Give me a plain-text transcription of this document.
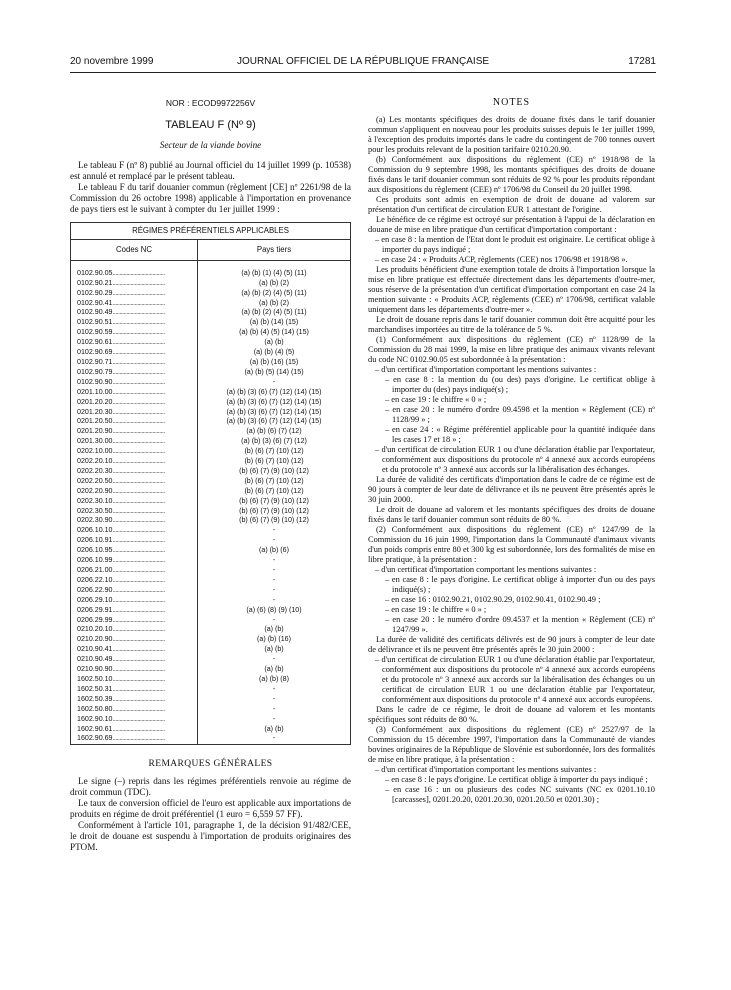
20 novembre 1999	JOURNAL OFFICIEL DE LA RÉPUBLIQUE FRANÇAISE	17281
NOR : ECOD9972256V
TABLEAU F (Nº 9)
Secteur de la viande bovine

Le tableau F (nº 8) publié au Journal officiel du 14 juillet 1999 (p. 10538) est annulé et remplacé par le présent tableau.

Le tableau F du tarif douanier commun (règlement [CE] nº 2261/98 de la Commission du 26 octobre 1998) applicable à l'importation en provenance de pays tiers est le suivant à compter du 1er juillet 1999 :

RÉGIMES PRÉFÉRENTIELS APPLICABLES	
Codes NC	Pays tiers

0102.90.05......................................	(a) (b) (1) (4) (5) (11)
0102.90.21......................................	(a) (b) (2)
0102.90.29......................................	(a) (b) (2) (4) (5) (11)
0102.90.41......................................	(a) (b) (2)
0102.90.49......................................	(a) (b) (2) (4) (5) (11)
0102.90.51......................................	(a) (b) (14) (15)
0102.90.59......................................	(a) (b) (4) (5) (14) (15)
0102.90.61......................................	(a) (b)
0102.90.69......................................	(a) (b) (4) (5)
0102.90.71......................................	(a) (b) (16) (15)
0102.90.79......................................	(a) (b) (5) (14) (15)
0102.90.90......................................	-
0201.10.00......................................	(a) (b) (3) (6) (7) (12) (14) (15)
0201.20.20......................................	(a) (b) (3) (6) (7) (12) (14) (15)
0201.20.30......................................	(a) (b) (3) (6) (7) (12) (14) (15)
0201.20.50......................................	(a) (b) (3) (6) (7) (12) (14) (15)
0201.20.90......................................	(a) (b) (6) (7) (12)
0201.30.00......................................	(a) (b) (3) (6) (7) (12)
0202.10.00......................................	(b) (6) (7) (10) (12)
0202.20.10......................................	(b) (6) (7) (10) (12)
0202.20.30......................................	(b) (6) (7) (9) (10) (12)
0202.20.50......................................	(b) (6) (7) (10) (12)
0202.20.90......................................	(b) (6) (7) (10) (12)
0202.30.10......................................	(b) (6) (7) (9) (10) (12)
0202.30.50......................................	(b) (6) (7) (9) (10) (12)
0202.30.90......................................	(b) (6) (7) (9) (10) (12)
0206.10.10......................................	-
0206.10.91......................................	-
0206.10.95......................................	(a) (b) (6)
0206.10.99......................................	-
0206.21.00......................................	-
0206.22.10......................................	-
0206.22.90......................................	-
0206.29.10......................................	-
0206.29.91......................................	(a) (6) (8) (9) (10)
0206.29.99......................................	-
0210.20.10......................................	(a) (b)
0210.20.90......................................	(a) (b) (16)
0210.90.41......................................	(a) (b)
0210.90.49......................................	-
0210.90.90......................................	(a) (b)
1602.50.10......................................	(a) (b) (8)
1602.50.31......................................	-
1602.50.39......................................	-
1602.50.80......................................	-
1602.90.10......................................	-
1602.90.61......................................	(a) (b)
1602.90.69......................................	-
REMARQUES GÉNÉRALES

Le signe (–) repris dans les régimes préférentiels renvoie au régime de droit commun (TDC).

Le taux de conversion officiel de l'euro est applicable aux importations de produits en régime de droit préférentiel (1 euro = 6,559 57 FF).

Conformément à l'article 101, paragraphe 1, de la décision 91/482/CEE, le droit de douane est suspendu à l'importation de produits originaires des PTOM.

NOTES

(a) Les montants spécifiques des droits de douane fixés dans le tarif douanier commun s'appliquent en nouveau pour les produits suisses depuis le 1er juillet 1999, à l'exception des produits importés dans le cadre du contingent de 700 tonnes ouvert pour les produits relevant de la position tarifaire 0210.20.90.

(b) Conformément aux dispositions du règlement (CE) nº 1918/98 de la Commission du 9 septembre 1998, les montants spécifiques des droits de douane fixés dans le tarif douanier commun sont réduits de 92 % pour les produits répondant aux dispositions du règlement (CEE) nº 1706/98 du Conseil du 20 juillet 1998.

Ces produits sont admis en exemption de droit de douane ad valorem sur présentation d'un certificat de circulation EUR 1 attestant de l'origine.

Le bénéfice de ce régime est octroyé sur présentation à l'appui de la déclaration en douane de mise en libre pratique d'un certificat d'importation comportant :

– en case 8 : la mention de l'Etat dont le produit est originaire. Le certificat oblige à importer du pays indiqué ;

– en case 24 : « Produits ACP, règlements (CEE) nos 1706/98 et 1918/98 ».

Les produits bénéficient d'une exemption totale de droits à l'importation lorsque la mise en libre pratique est effectuée directement dans les départements d'outre-mer, sous réserve de la présentation d'un certificat d'importation comportant en case 24 la mention suivante : « Produits ACP, règlements (CEE) nº 1706/98, certificat valable uniquement dans les départements d'outre-mer ».

Le droit de douane repris dans le tarif douanier commun doit être acquitté pour les marchandises importées au titre de la tolérance de 5 %.

(1) Conformément aux dispositions du règlement (CE) nº 1128/99 de la Commission du 28 mai 1999, la mise en libre pratique des animaux vivants relevant du code NC 0102.90.05 est subordonnée à la présentation :

– d'un certificat d'importation comportant les mentions suivantes :

– en case 8 : la mention du (ou des) pays d'origine. Le certificat oblige à importer du (des) pays indiqué(s) ;

– en case 19 : le chiffre « 0 » ;

– en case 20 : le numéro d'ordre 09.4598 et la mention « Règlement (CE) nº 1128/99 » ;

– en case 24 : « Régime préférentiel applicable pour la quantité indiquée dans les cases 17 et 18 » ;

– d'un certificat de circulation EUR 1 ou d'une déclaration établie par l'exportateur, conformément aux dispositions du protocole nº 4 annexé aux accords européens et du protocole nº 3 annexé aux accords sur la libéralisation des échanges.

La durée de validité des certificats d'importation dans le cadre de ce régime est de 90 jours à compter de leur date de délivrance et ils ne peuvent être présentés après le 30 juin 2000.

Le droit de douane ad valorem et les montants spécifiques des droits de douane fixés dans le tarif douanier commun sont réduits de 80 %.

(2) Conformément aux dispositions du règlement (CE) nº 1247/99 de la Commission du 16 juin 1999, l'importation dans la Communauté d'animaux vivants d'un poids compris entre 80 et 300 kg est subordonnée, lors des formalités de mise en libre pratique, à la présentation :

– d'un certificat d'importation comportant les mentions suivantes :

– en case 8 : le pays d'origine. Le certificat oblige à importer d'un ou des pays indiqué(s) ;

– en case 16 : 0102.90.21, 0102.90.29, 0102.90.41, 0102.90.49 ;

– en case 19 : le chiffre « 0 » ;

– en case 20 : le numéro d'ordre 09.4537 et la mention « Règlement (CE) nº 1247/99 ».

La durée de validité des certificats délivrés est de 90 jours à compter de leur date de délivrance et ils ne peuvent être présentés après le 30 juin 2000 :

– d'un certificat de circulation EUR 1 ou d'une déclaration établie par l'exportateur, conformément aux dispositions du protocole nº 4 annexé aux accords européens et du protocole nº 3 annexé aux accords sur la libéralisation des échanges ou un certificat de circulation EUR 1 ou une déclaration établie par l'exportateur, conformément aux dispositions du protocole nº 4 annexé aux accords européens.

Dans le cadre de ce régime, le droit de douane ad valorem et les montants spécifiques sont réduits de 80 %.

(3) Conformément aux dispositions du règlement (CE) nº 2527/97 de la Commission du 15 décembre 1997, l'importation dans la Communauté de viandes bovines originaires de la République de Slovénie est subordonnée, lors des formalités de mise en libre pratique, à la présentation :

– d'un certificat d'importation comportant les mentions suivantes :

– en case 8 : le pays d'origine. Le certificat oblige à importer du pays indiqué ;

– en case 16 : un ou plusieurs des codes NC suivants (NC ex 0201.10.10 [carcasses], 0201.20.20, 0201.20.30, 0201.20.50 et 0201.30) ;
